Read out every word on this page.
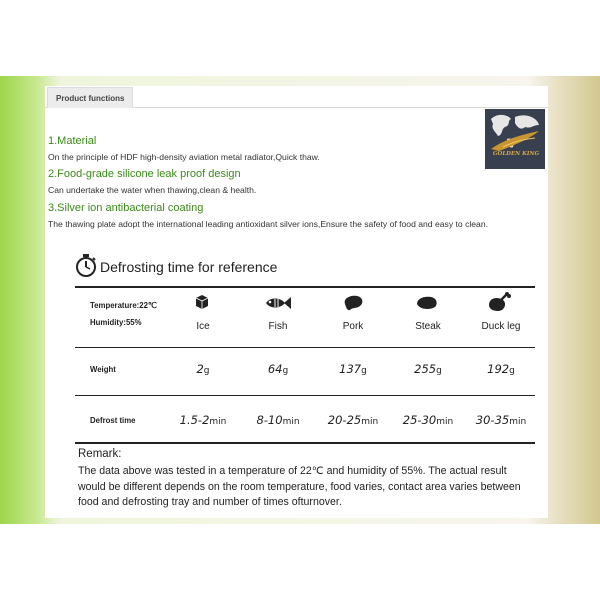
Product functions
1.Material
On the principle of HDF high-density aviation metal radiator,Quick thaw.
2.Food-grade silicone leak proof design
Can undertake the water when thawing,clean & health.
3.Silver ion antibacterial coating
The thawing plate adopt the international leading antioxidant silver ions,Ensure the safety of food and easy to clean.
GOLDEN KING
Defrosting time for reference
Temperature:22℃
Humidity:55%	Ice	Fish	Pork	Steak	Duck leg
Weight	2g	64g	137g	255g	192g
Defrost time	1.5-2min	8-10min	20-25min	25-30min	30-35min
Remark:
The data above was tested in a temperature of 22℃ and humidity of 55%. The actual result would be different depends on the room temperature, food varies, contact area varies between food and defrosting tray and number of times ofturnover.
